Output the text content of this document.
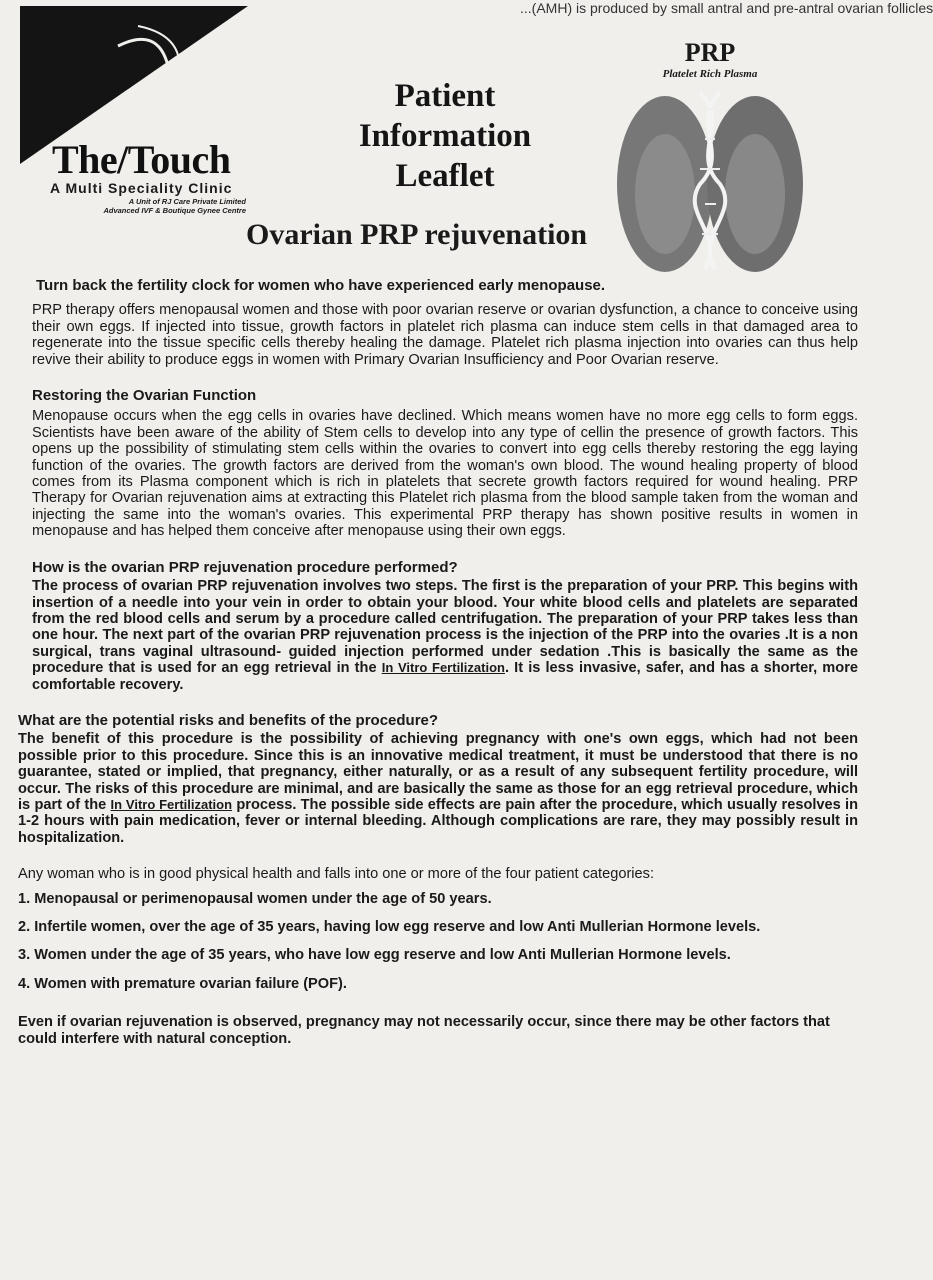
...(AMH) is produced by small antral and pre-antral ovarian follicles
The/Touch
A Multi Speciality Clinic
A Unit of RJ Care Private Limited
Advanced IVF & Boutique Gynee Centre
Patient
Information
Leaflet
PRP
Platelet Rich Plasma
Ovarian PRP rejuvenation

Turn back the fertility clock for women who have experienced early menopause.

PRP therapy offers menopausal women and those with poor ovarian reserve or ovarian dysfunction, a chance to conceive using their own eggs. If injected into tissue, growth factors in platelet rich plasma can induce stem cells in that damaged area to regenerate into the tissue specific cells thereby healing the damage. Platelet rich plasma injection into ovaries can thus help revive their ability to produce eggs in women with Primary Ovarian Insufficiency and Poor Ovarian reserve.

Restoring the Ovarian Function

Menopause occurs when the egg cells in ovaries have declined. Which means women have no more egg cells to form eggs. Scientists have been aware of the ability of Stem cells to develop into any type of cellin the presence of growth factors. This opens up the possibility of stimulating stem cells within the ovaries to convert into egg cells thereby restoring the egg laying function of the ovaries. The growth factors are derived from the woman's own blood. The wound healing property of blood comes from its Plasma component which is rich in platelets that secrete growth factors required for wound healing. PRP Therapy for Ovarian rejuvenation aims at extracting this Platelet rich plasma from the blood sample taken from the woman and injecting the same into the woman's ovaries. This experimental PRP therapy has shown positive results in women in menopause and has helped them conceive after menopause using their own eggs.

How is the ovarian PRP rejuvenation procedure performed?

The process of ovarian PRP rejuvenation involves two steps. The first is the preparation of your PRP. This begins with insertion of a needle into your vein in order to obtain your blood. Your white blood cells and platelets are separated from the red blood cells and serum by a procedure called centrifugation. The preparation of your PRP takes less than one hour. The next part of the ovarian PRP rejuvenation process is the injection of the PRP into the ovaries .It is a non surgical, trans vaginal ultrasound- guided injection performed under sedation .This is basically the same as the procedure that is used for an egg retrieval in the In Vitro Fertilization. It is less invasive, safer, and has a shorter, more comfortable recovery.

What are the potential risks and benefits of the procedure?

The benefit of this procedure is the possibility of achieving pregnancy with one's own eggs, which had not been possible prior to this procedure. Since this is an innovative medical treatment, it must be understood that there is no guarantee, stated or implied, that pregnancy, either naturally, or as a result of any subsequent fertility procedure, will occur. The risks of this procedure are minimal, and are basically the same as those for an egg retrieval procedure, which is part of the In Vitro Fertilization process. The possible side effects are pain after the procedure, which usually resolves in 1-2 hours with pain medication, fever or internal bleeding. Although complications are rare, they may possibly result in hospitalization.

Any woman who is in good physical health and falls into one or more of the four patient categories:

1. Menopausal or perimenopausal women under the age of 50 years.
2. Infertile women, over the age of 35 years, having low egg reserve and low Anti Mullerian Hormone levels.
3. Women under the age of 35 years, who have low egg reserve and low Anti Mullerian Hormone levels.
4. Women with premature ovarian failure (POF).

Even if ovarian rejuvenation is observed, pregnancy may not necessarily occur, since there may be other factors that could interfere with natural conception.
